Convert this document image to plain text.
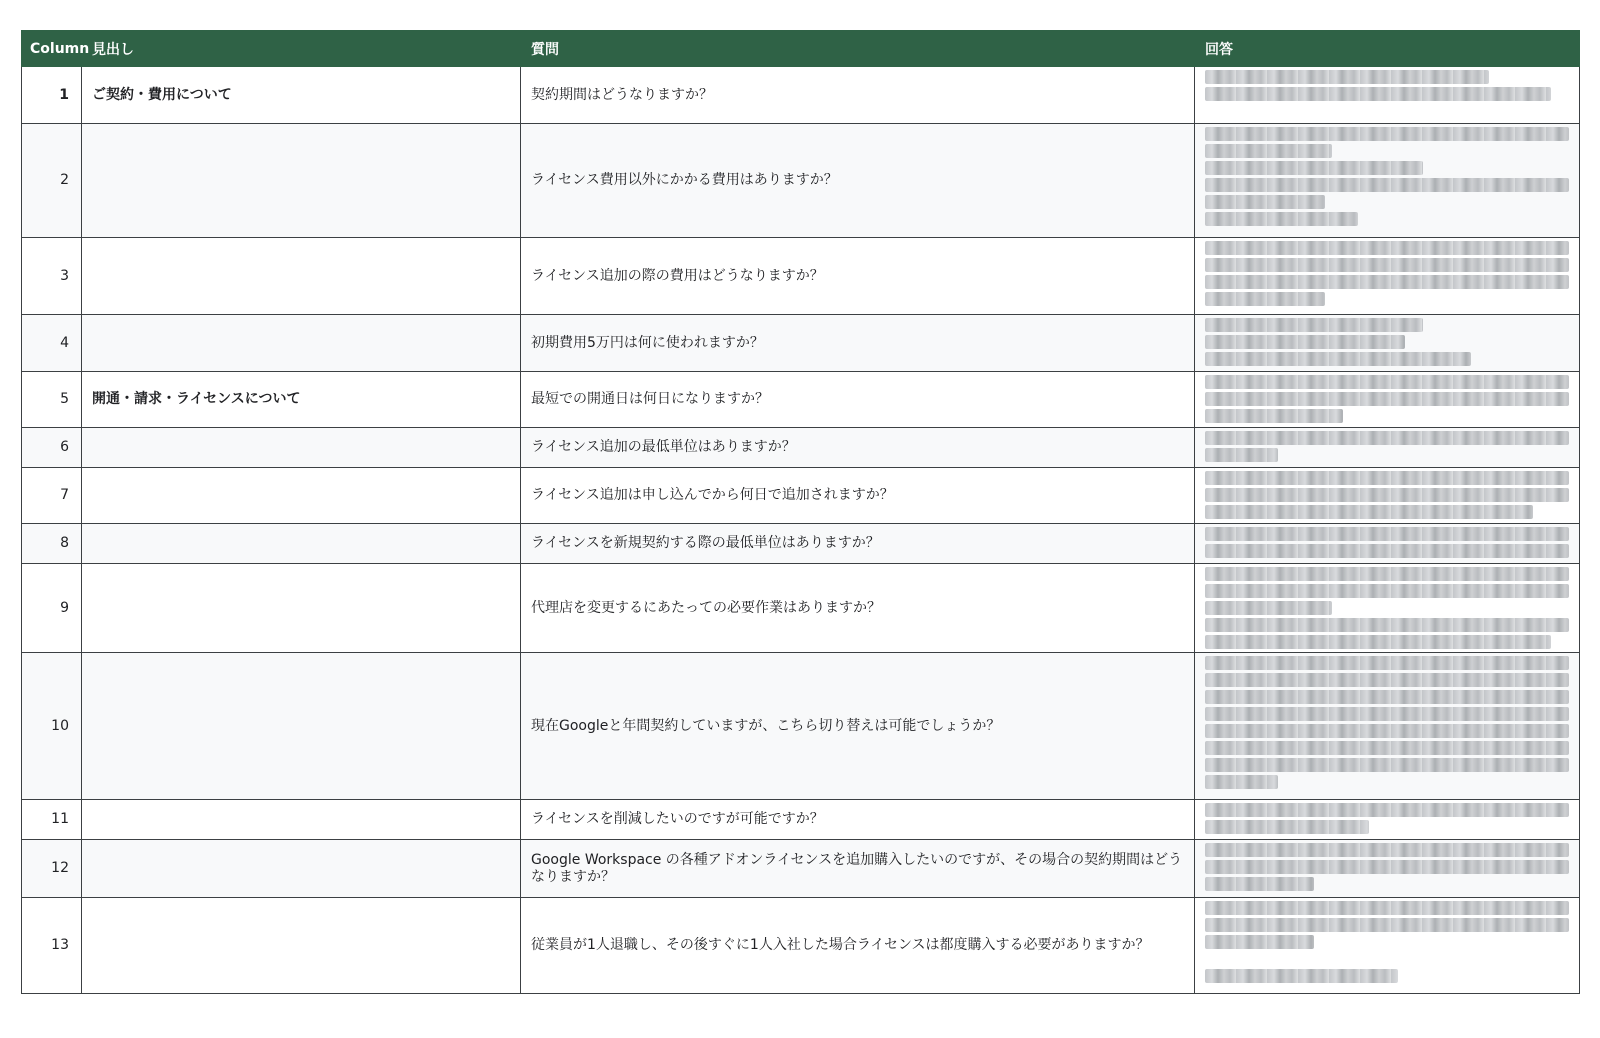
Column	見出し	質問	回答
1	ご契約・費用について	契約期間はどうなりますか？	

2		ライセンス費用以外にかかる費用はありますか？	

3		ライセンス追加の際の費用はどうなりますか？	

4		初期費用5万円は何に使われますか？	

5	開通・請求・ライセンスについて	最短での開通日は何日になりますか？	

6		ライセンス追加の最低単位はありますか？	

7		ライセンス追加は申し込んでから何日で追加されますか？	

8		ライセンスを新規契約する際の最低単位はありますか？	

9		代理店を変更するにあたっての必要作業はありますか？	

10		現在Googleと年間契約していますが、こちら切り替えは可能でしょうか？	

11		ライセンスを削減したいのですが可能ですか？	

12		Google Workspace の各種アドオンライセンスを追加購入したいのですが、その場合の契約期間はどうなりますか？	

13		従業員が1人退職し、その後すぐに1人入社した場合ライセンスは都度購入する必要がありますか？	
